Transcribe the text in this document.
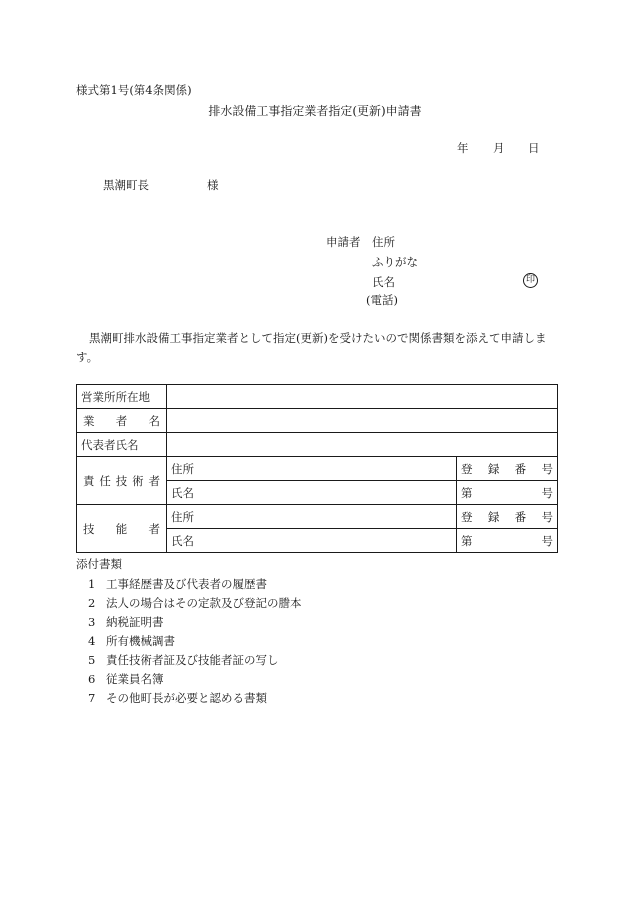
様式第1号(第4条関係)
排水設備工事指定業者指定(更新)申請書
年 月 日
黒潮町長	様
申請者 住所
ふりがな
氏名	印
(電話)
黒潮町排水設備工事指定業者として指定(更新)を受けたいので関係書類を添えて申請します。
営業所所在地		
業者名		
代表者氏名		
責任技術者	住所	登録番号
	氏名	第 号

技能者	住所	登録番号
	氏名	第 号
添付書類
1 工事経歴書及び代表者の履歴書
2 法人の場合はその定款及び登記の謄本
3 納税証明書
4 所有機械調書
5 責任技術者証及び技能者証の写し
6 従業員名簿
7 その他町長が必要と認める書類
